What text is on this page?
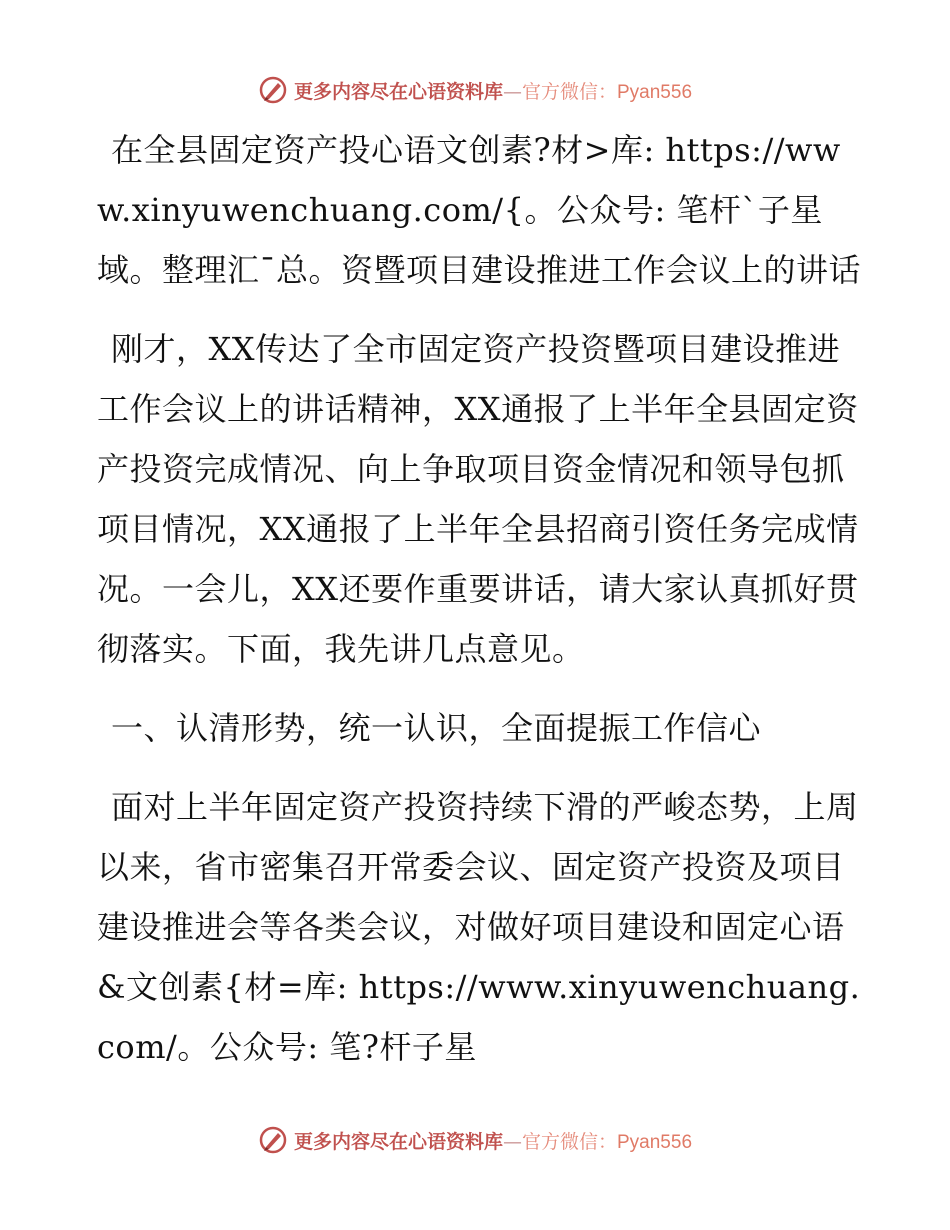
更多内容尽在心语资料库—官方微信：Pyan556

在全县固定资产投心语文创素?材>库: https://www.xinyuwenchuang.com/{。公众号: 笔杆`子星域。整理汇¯总。资暨项目建设推进工作会议上的讲话

刚才，XX传达了全市固定资产投资暨项目建设推进工作会议上的讲话精神，XX通报了上半年全县固定资产投资完成情况、向上争取项目资金情况和领导包抓项目情况，XX通报了上半年全县招商引资任务完成情况。一会儿，XX还要作重要讲话，请大家认真抓好贯彻落实。下面，我先讲几点意见。

一、认清形势，统一认识，全面提振工作信心

面对上半年固定资产投资持续下滑的严峻态势，上周以来，省市密集召开常委会议、固定资产投资及项目建设推进会等各类会议，对做好项目建设和固定心语&文创素{材=库: https://www.xinyuwenchuang.com/。公众号: 笔?杆子星

更多内容尽在心语资料库—官方微信：Pyan556
